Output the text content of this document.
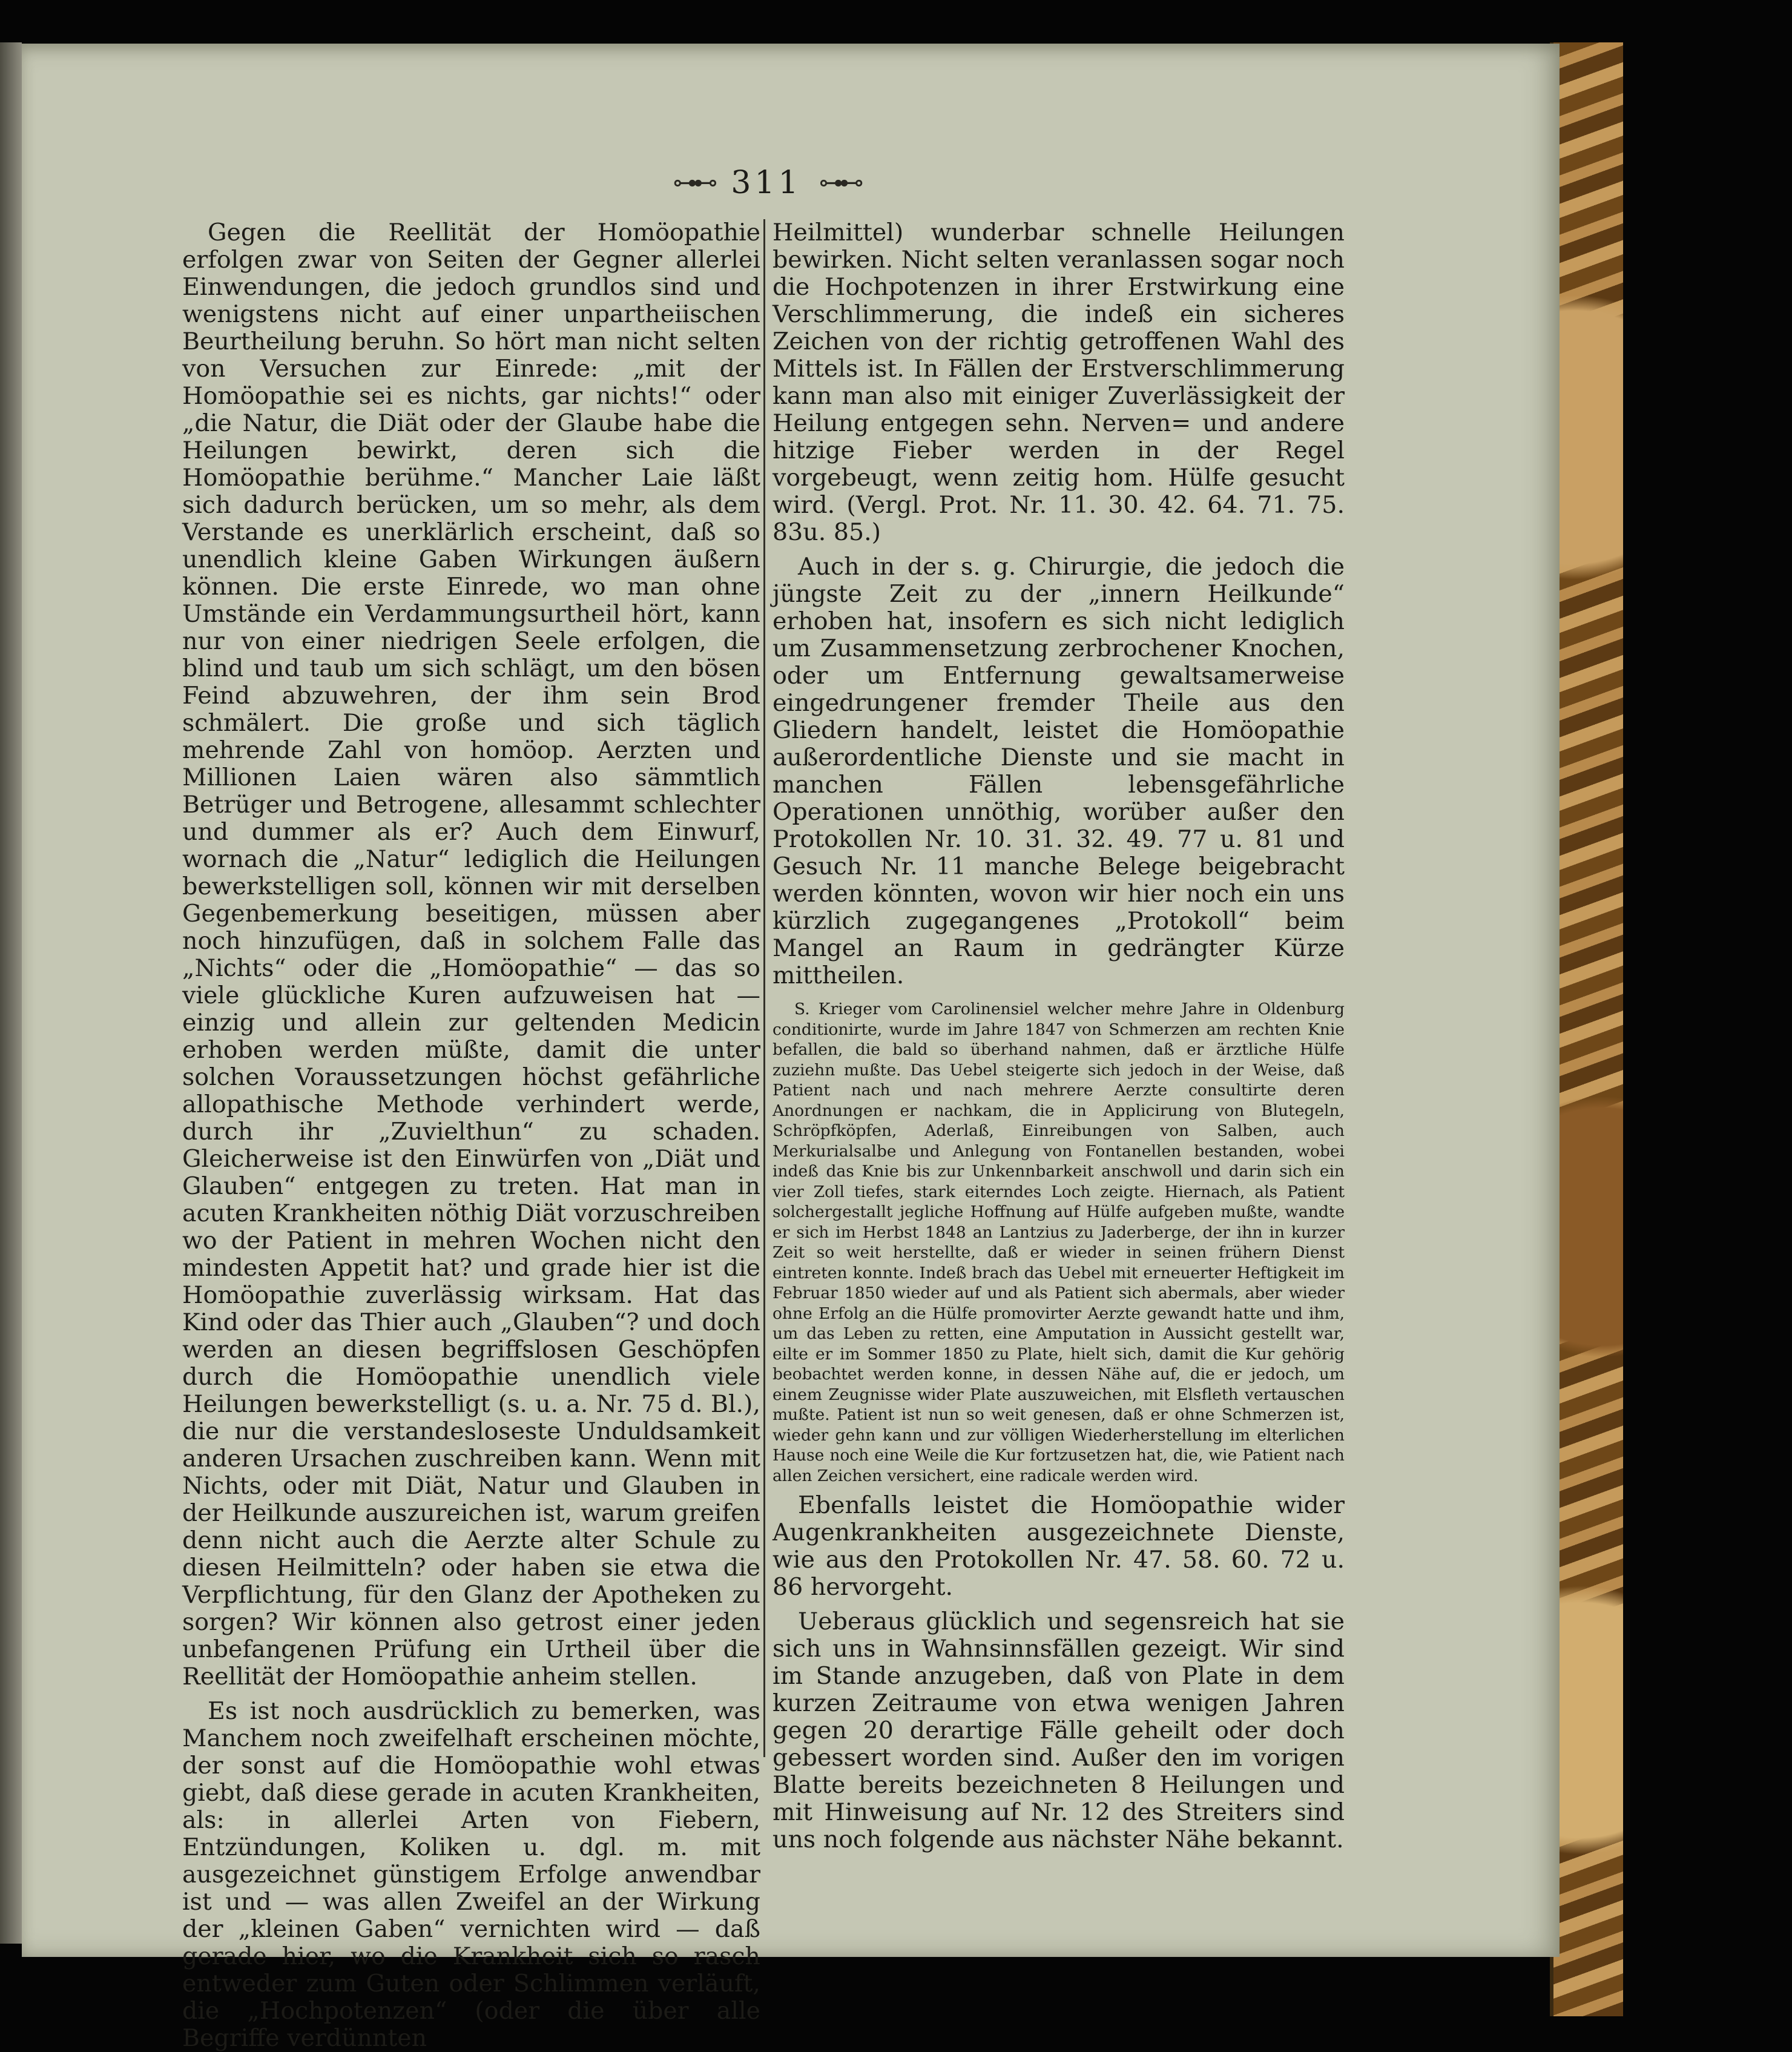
⊶⊷ 311 ⊶⊷

Gegen die Reellität der Homöopathie erfolgen zwar von Seiten der Gegner allerlei Einwendungen, die jedoch grundlos sind und wenigstens nicht auf einer unpartheiischen Beurtheilung beruhn. So hört man nicht selten von Versuchen zur Einrede: „mit der Homöopathie sei es nichts, gar nichts!“ oder „die Natur, die Diät oder der Glaube habe die Heilungen bewirkt, deren sich die Homöopathie berühme.“ Mancher Laie läßt sich dadurch berücken, um so mehr, als dem Verstande es unerklärlich erscheint, daß so unendlich kleine Gaben Wirkungen äußern können. Die erste Einrede, wo man ohne Umstände ein Verdammungsurtheil hört, kann nur von einer niedrigen Seele erfolgen, die blind und taub um sich schlägt, um den bösen Feind abzuwehren, der ihm sein Brod schmälert. Die große und sich täglich mehrende Zahl von homöop. Aerzten und Millionen Laien wären also sämmtlich Betrüger und Betrogene, allesammt schlechter und dummer als er? Auch dem Einwurf, wornach die „Natur“ lediglich die Heilungen bewerkstelligen soll, können wir mit derselben Gegenbemerkung beseitigen, müssen aber noch hinzufügen, daß in solchem Falle das „Nichts“ oder die „Homöopathie“ — das so viele glückliche Kuren aufzuweisen hat — einzig und allein zur geltenden Medicin erhoben werden müßte, damit die unter solchen Voraussetzungen höchst gefährliche allopathische Methode verhindert werde, durch ihr „Zuvielthun“ zu schaden. Gleicherweise ist den Einwürfen von „Diät und Glauben“ entgegen zu treten. Hat man in acuten Krankheiten nöthig Diät vorzuschreiben wo der Patient in mehren Wochen nicht den mindesten Appetit hat? und grade hier ist die Homöopathie zuverlässig wirksam. Hat das Kind oder das Thier auch „Glauben“? und doch werden an diesen begriffslosen Geschöpfen durch die Homöopathie unendlich viele Heilungen bewerkstelligt (s. u. a. Nr. 75 d. Bl.), die nur die verstandesloseste Unduldsamkeit anderen Ursachen zuschreiben kann. Wenn mit Nichts, oder mit Diät, Natur und Glauben in der Heilkunde auszureichen ist, warum greifen denn nicht auch die Aerzte alter Schule zu diesen Heilmitteln? oder haben sie etwa die Verpflichtung, für den Glanz der Apotheken zu sorgen? Wir können also getrost einer jeden unbefangenen Prüfung ein Urtheil über die Reellität der Homöopathie anheim stellen.

Es ist noch ausdrücklich zu bemerken, was Manchem noch zweifelhaft erscheinen möchte, der sonst auf die Homöopathie wohl etwas giebt, daß diese gerade in acuten Krankheiten, als: in allerlei Arten von Fiebern, Entzündungen, Koliken u. dgl. m. mit ausgezeichnet günstigem Erfolge anwendbar ist und — was allen Zweifel an der Wirkung der „kleinen Gaben“ vernichten wird — daß gerade hier, wo die Krankheit sich so rasch entweder zum Guten oder Schlimmen verläuft, die „Hochpotenzen“ (oder die über alle Begriffe verdünnten

Heilmittel) wunderbar schnelle Heilungen bewirken. Nicht selten veranlassen sogar noch die Hochpotenzen in ihrer Erstwirkung eine Verschlimmerung, die indeß ein sicheres Zeichen von der richtig getroffenen Wahl des Mittels ist. In Fällen der Erstverschlimmerung kann man also mit einiger Zuverlässigkeit der Heilung entgegen sehn. Nerven= und andere hitzige Fieber werden in der Regel vorgebeugt, wenn zeitig hom. Hülfe gesucht wird. (Vergl. Prot. Nr. 11. 30. 42. 64. 71. 75. 83u. 85.)

Auch in der s. g. Chirurgie, die jedoch die jüngste Zeit zu der „innern Heilkunde“ erhoben hat, insofern es sich nicht lediglich um Zusammensetzung zerbrochener Knochen, oder um Entfernung gewaltsamerweise eingedrungener fremder Theile aus den Gliedern handelt, leistet die Homöopathie außerordentliche Dienste und sie macht in manchen Fällen lebensgefährliche Operationen unnöthig, worüber außer den Protokollen Nr. 10. 31. 32. 49. 77 u. 81 und Gesuch Nr. 11 manche Belege beigebracht werden könnten, wovon wir hier noch ein uns kürzlich zugegangenes „Protokoll“ beim Mangel an Raum in gedrängter Kürze mittheilen.

S. Krieger vom Carolinensiel welcher mehre Jahre in Oldenburg conditionirte, wurde im Jahre 1847 von Schmerzen am rechten Knie befallen, die bald so überhand nahmen, daß er ärztliche Hülfe zuziehn mußte. Das Uebel steigerte sich jedoch in der Weise, daß Patient nach und nach mehrere Aerzte consultirte deren Anordnungen er nachkam, die in Applicirung von Blutegeln, Schröpfköpfen, Aderlaß, Einreibungen von Salben, auch Merkurialsalbe und Anlegung von Fontanellen bestanden, wobei indeß das Knie bis zur Unkennbarkeit anschwoll und darin sich ein vier Zoll tiefes, stark eiterndes Loch zeigte. Hiernach, als Patient solchergestallt jegliche Hoffnung auf Hülfe aufgeben mußte, wandte er sich im Herbst 1848 an Lantzius zu Jaderberge, der ihn in kurzer Zeit so weit herstellte, daß er wieder in seinen frühern Dienst eintreten konnte. Indeß brach das Uebel mit erneuerter Heftigkeit im Februar 1850 wieder auf und als Patient sich abermals, aber wieder ohne Erfolg an die Hülfe promovirter Aerzte gewandt hatte und ihm, um das Leben zu retten, eine Amputation in Aussicht gestellt war, eilte er im Sommer 1850 zu Plate, hielt sich, damit die Kur gehörig beobachtet werden konne, in dessen Nähe auf, die er jedoch, um einem Zeugnisse wider Plate auszuweichen, mit Elsfleth vertauschen mußte. Patient ist nun so weit genesen, daß er ohne Schmerzen ist, wieder gehn kann und zur völligen Wiederherstellung im elterlichen Hause noch eine Weile die Kur fortzusetzen hat, die, wie Patient nach allen Zeichen versichert, eine radicale werden wird.

Ebenfalls leistet die Homöopathie wider Augenkrankheiten ausgezeichnete Dienste, wie aus den Protokollen Nr. 47. 58. 60. 72 u. 86 hervorgeht.

Ueberaus glücklich und segensreich hat sie sich uns in Wahnsinnsfällen gezeigt. Wir sind im Stande anzugeben, daß von Plate in dem kurzen Zeitraume von etwa wenigen Jahren gegen 20 derartige Fälle geheilt oder doch gebessert worden sind. Außer den im vorigen Blatte bereits bezeichneten 8 Heilungen und mit Hinweisung auf Nr. 12 des Streiters sind uns noch folgende aus nächster Nähe bekannt.
